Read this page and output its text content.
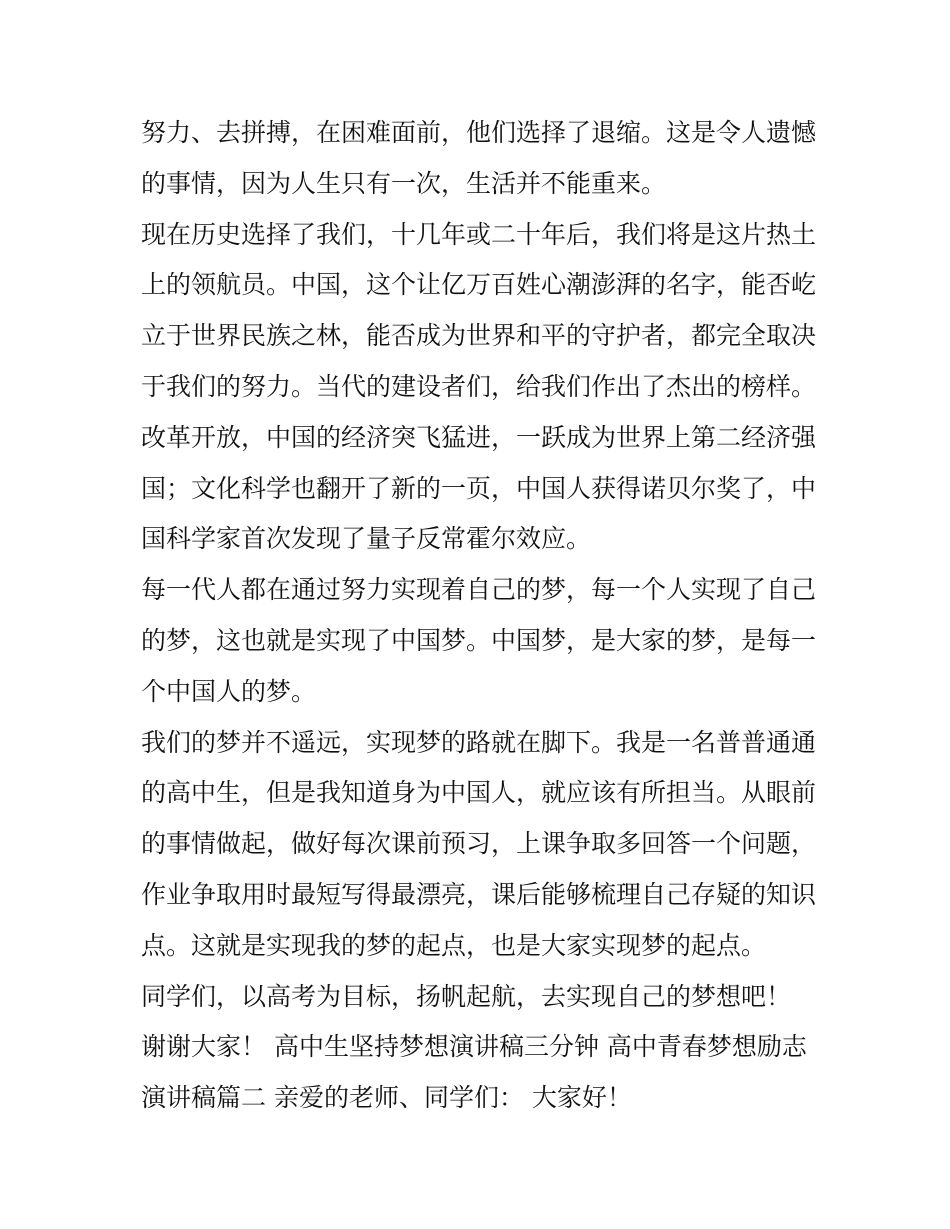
努力、去拼搏，在困难面前，他们选择了退缩。这是令人遗憾的事情，因为人生只有一次，生活并不能重来。

现在历史选择了我们，十几年或二十年后，我们将是这片热土上的领航员。中国，这个让亿万百姓心潮澎湃的名字，能否屹立于世界民族之林，能否成为世界和平的守护者，都完全取决于我们的努力。当代的建设者们，给我们作出了杰出的榜样。

改革开放，中国的经济突飞猛进，一跃成为世界上第二经济强国；文化科学也翻开了新的一页，中国人获得诺贝尔奖了，中国科学家首次发现了量子反常霍尔效应。

每一代人都在通过努力实现着自己的梦，每一个人实现了自己的梦，这也就是实现了中国梦。中国梦，是大家的梦，是每一个中国人的梦。

我们的梦并不遥远，实现梦的路就在脚下。我是一名普普通通的高中生，但是我知道身为中国人，就应该有所担当。从眼前的事情做起，做好每次课前预习，上课争取多回答一个问题，作业争取用时最短写得最漂亮，课后能够梳理自己存疑的知识点。这就是实现我的梦的起点，也是大家实现梦的起点。

同学们，以高考为目标，扬帆起航，去实现自己的梦想吧！

谢谢大家！ 高中生坚持梦想演讲稿三分钟 高中青春梦想励志演讲稿篇二 亲爱的老师、同学们： 大家好！
